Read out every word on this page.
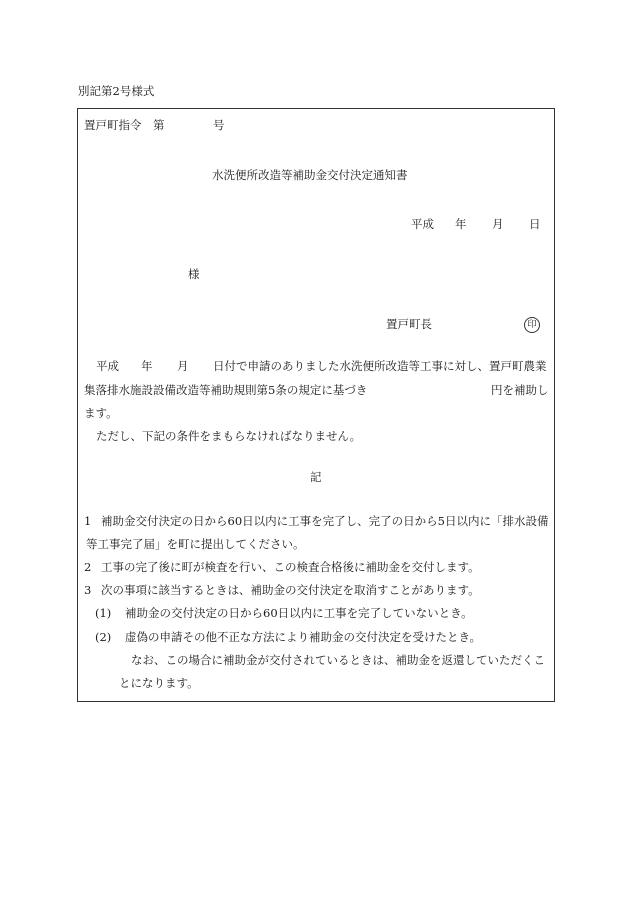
別記第2号様式
置戸町指令 第	号
水洗便所改造等補助金交付決定通知書
平成 年 月 日
様
置戸町長	印
平成 年 月 日付で申請のありました水洗便所改造等工事に対し、置戸町農業
集落排水施設設備改造等補助規則第5条の規定に基づき	円を補助し
ます。
ただし、下記の条件をまもらなければなりません。
記
1 補助金交付決定の日から60日以内に工事を完了し、完了の日から5日以内に「排水設備
等工事完了届」を町に提出してください。
2 工事の完了後に町が検査を行い、この検査合格後に補助金を交付します。
3 次の事項に該当するときは、補助金の交付決定を取消すことがあります。
(1) 補助金の交付決定の日から60日以内に工事を完了していないとき。
(2) 虚偽の申請その他不正な方法により補助金の交付決定を受けたとき。
なお、この場合に補助金が交付されているときは、補助金を返還していただくこ
とになります。
